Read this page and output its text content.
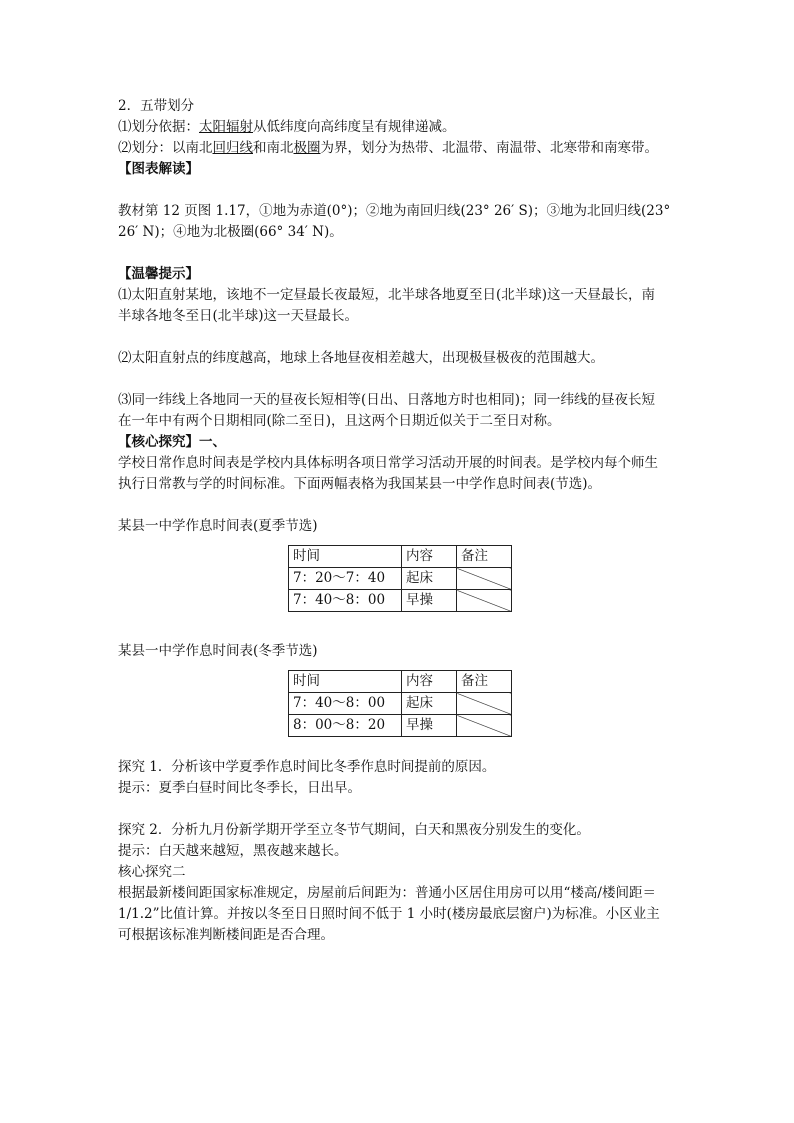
2．五带划分
⑴划分依据：太阳辐射从低纬度向高纬度呈有规律递减。
⑵划分：以南北回归线和南北极圈为界，划分为热带、北温带、南温带、北寒带和南寒带。
【图表解读】
教材第 12 页图 1.17，①地为赤道(0°)；②地为南回归线(23° 26′ S)；③地为北回归线(23°
26′ N)；④地为北极圈(66° 34′ N)。
【温馨提示】
⑴太阳直射某地，该地不一定昼最长夜最短，北半球各地夏至日(北半球)这一天昼最长，南
半球各地冬至日(北半球)这一天昼最长。
⑵太阳直射点的纬度越高，地球上各地昼夜相差越大，出现极昼极夜的范围越大。
⑶同一纬线上各地同一天的昼夜长短相等(日出、日落地方时也相同)；同一纬线的昼夜长短
在一年中有两个日期相同(除二至日)，且这两个日期近似关于二至日对称。
【核心探究】一、
学校日常作息时间表是学校内具体标明各项日常学习活动开展的时间表。是学校内每个师生
执行日常教与学的时间标准。下面两幅表格为我国某县一中学作息时间表(节选)。
某县一中学作息时间表(夏季节选)
时间	内容	备注
7：20～7：40	起床	
7：40～8：00	早操	
某县一中学作息时间表(冬季节选)
时间	内容	备注
7：40～8：00	起床	
8：00～8：20	早操	
探究 1．分析该中学夏季作息时间比冬季作息时间提前的原因。
提示：夏季白昼时间比冬季长，日出早。
探究 2．分析九月份新学期开学至立冬节气期间，白天和黑夜分别发生的变化。
提示：白天越来越短，黑夜越来越长。
核心探究二
根据最新楼间距国家标准规定，房屋前后间距为：普通小区居住用房可以用“楼高/楼间距＝
1/1.2”比值计算。并按以冬至日日照时间不低于 1 小时(楼房最底层窗户)为标准。小区业主
可根据该标准判断楼间距是否合理。
